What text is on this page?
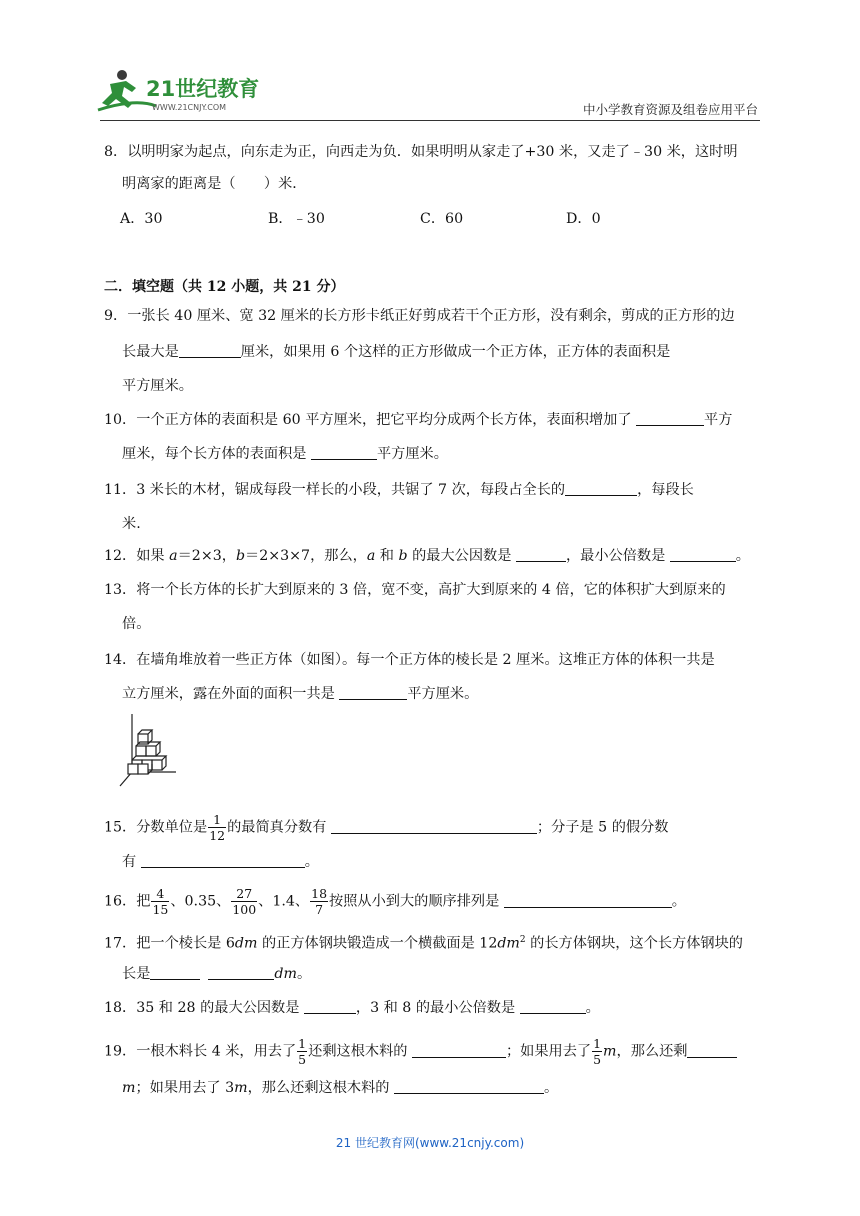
21世纪教育
WWW.21CNJY.COM	中小学教育资源及组卷应用平台
8．以明明家为起点，向东走为正，向西走为负．如果明明从家走了+30 米，又走了﹣30 米，这时明
明离家的距离是（　　）米．
A．30	B．﹣30	C．60	D．0
二．填空题（共 12 小题，共 21 分）
9．一张长 40 厘米、宽 32 厘米的长方形卡纸正好剪成若干个正方形，没有剩余，剪成的正方形的边
长最大是	厘米，如果用 6 个这样的正方形做成一个正方体，正方体的表面积是
平方厘米。
10．一个正方体的表面积是 60 平方厘米，把它平均分成两个长方体，表面积增加了	平方
厘米，每个长方体的表面积是	平方厘米。
11．3 米长的木材，锯成每段一样长的小段，共锯了 7 次，每段占全长的	，每段长
米.
12．如果 a＝2×3，b＝2×3×7，那么，a 和 b 的最大公因数是	，最小公倍数是	。
13．将一个长方体的长扩大到原来的 3 倍，宽不变，高扩大到原来的 4 倍，它的体积扩大到原来的
倍。
14．在墙角堆放着一些正方体（如图）。每一个正方体的棱长是 2 厘米。这堆正方体的体积一共是
立方厘米，露在外面的面积一共是	平方厘米。
15．分数单位是 $\frac{1}{12}$ 的最简真分数有	；分子是 5 的假分数
有	。
16．把 $\frac{4}{15}$ 、0.35、 $\frac{27}{100}$ 、1.4、 $\frac{18}{7}$ 按照从小到大的顺序排列是	。
17．把一个棱长是 6dm 的正方体钢块锻造成一个横截面是 $12dm^2$ 的长方体钢块，这个长方体钢块的
长是	dm。
18．35 和 28 的最大公因数是	，3 和 8 的最小公倍数是	。
19．一根木料长 4 米，用去了 $\frac{1}{5}$ 还剩这根木料的	；如果用去了 $\frac{1}{5}$ m，那么还剩
m；如果用去了 3m，那么还剩这根木料的	。
21 世纪教育网(www.21cnjy.com)
